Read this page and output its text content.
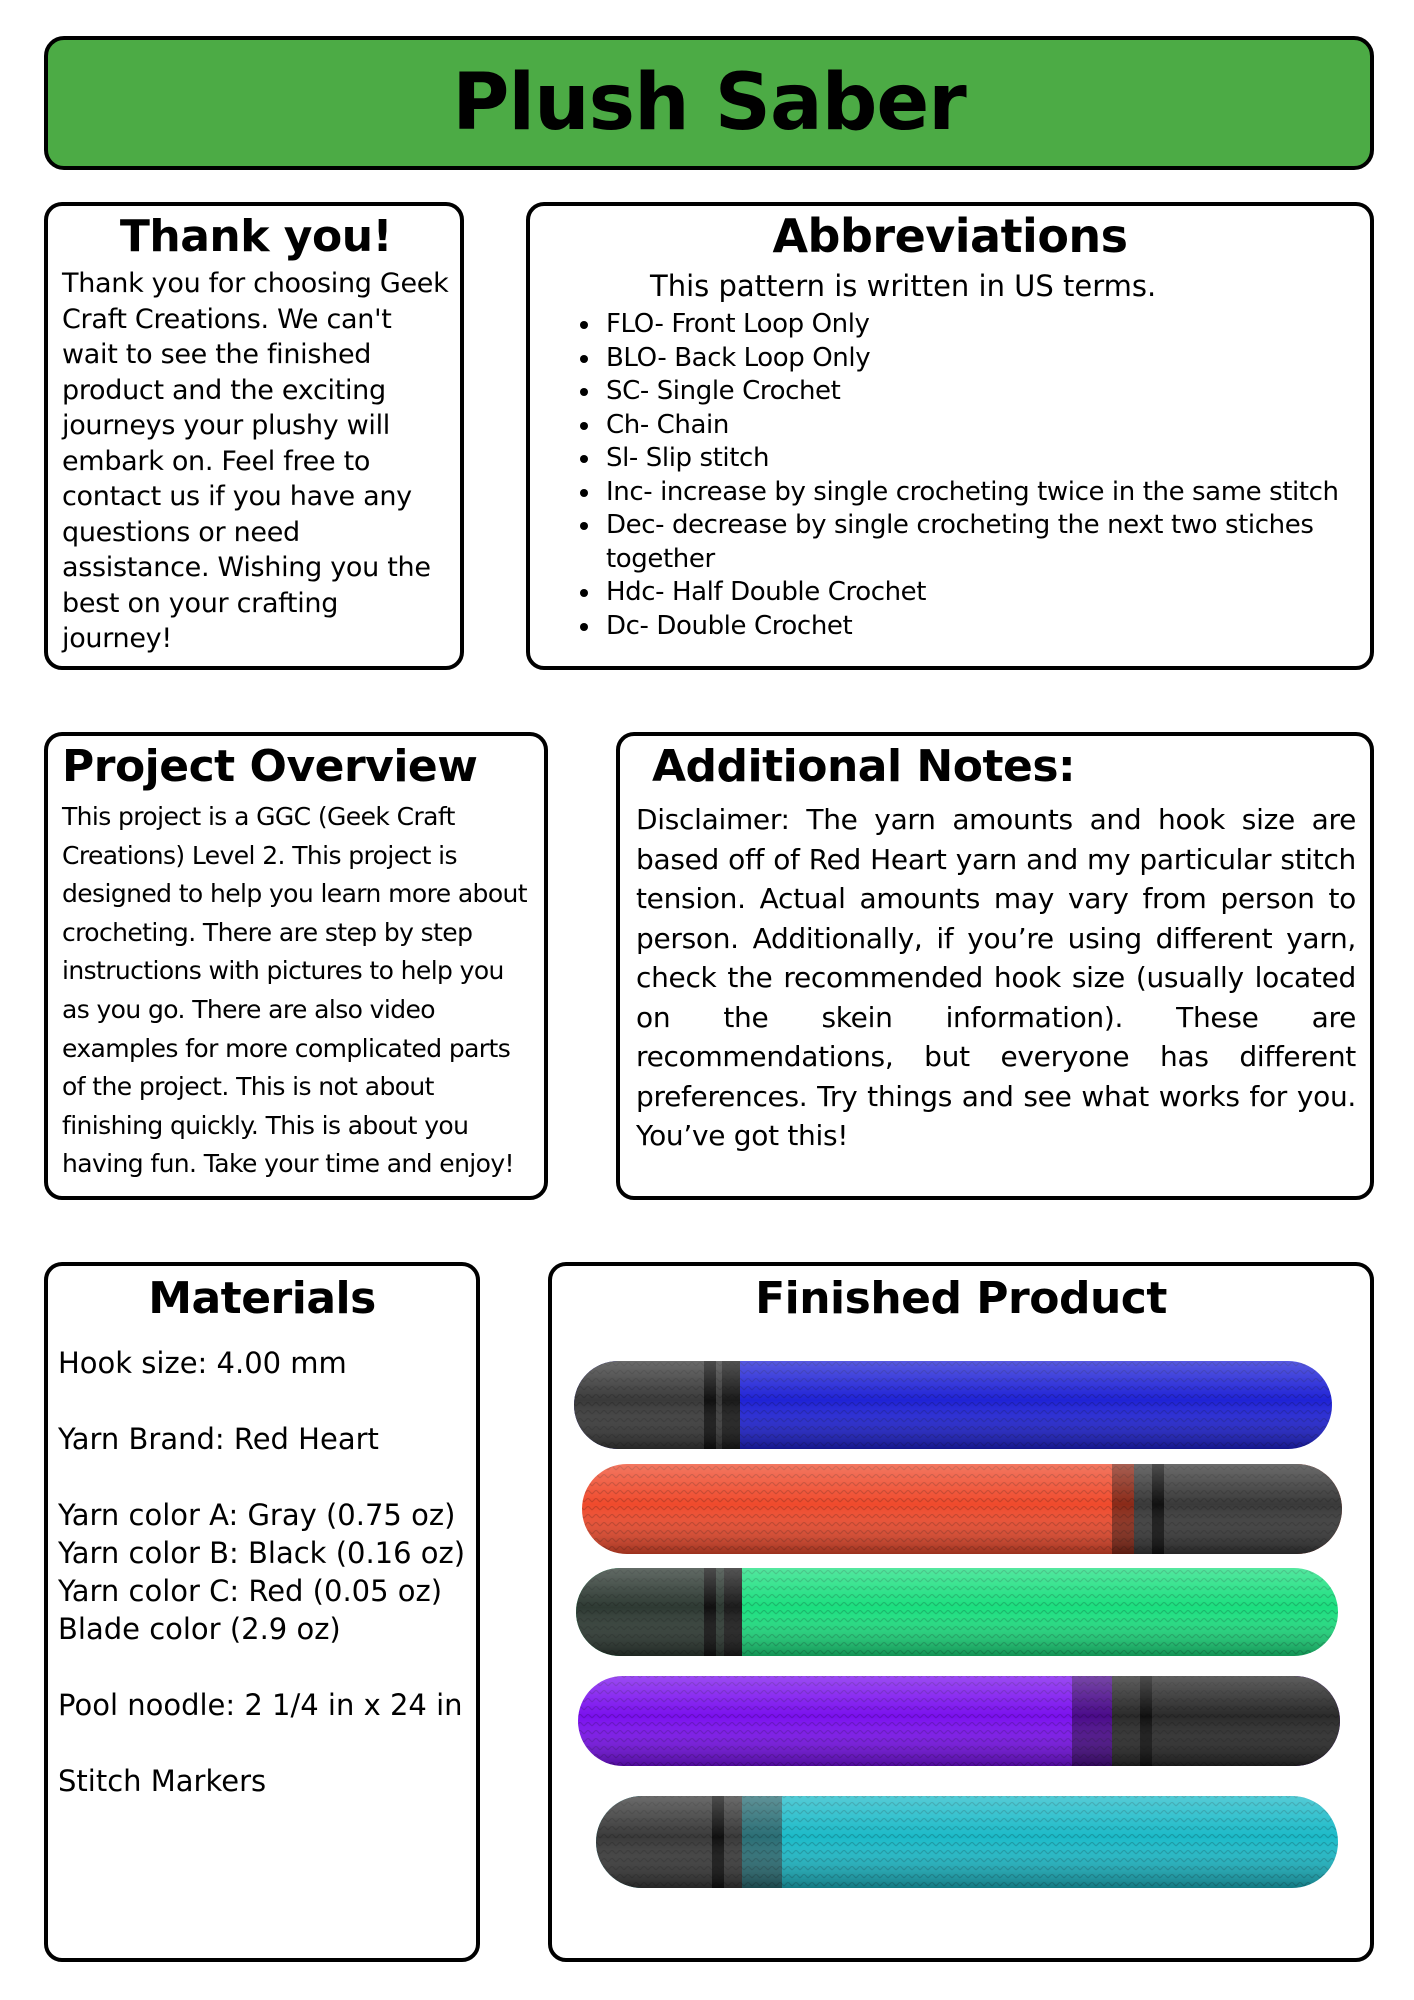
Plush Saber
Thank you!

Thank you for choosing Geek Craft Creations. We can't wait to see the finished product and the exciting journeys your plushy will embark on. Feel free to contact us if you have any questions or need assistance. Wishing you the best on your crafting journey!

Abbreviations
This pattern is written in US terms.
• FLO- Front Loop Only
• BLO- Back Loop Only
• SC- Single Crochet
• Ch- Chain
• Sl- Slip stitch
• Inc- increase by single crocheting twice in the same stitch
• Dec- decrease by single crocheting the next two stiches together
• Hdc- Half Double Crochet
• Dc- Double Crochet
Project Overview

This project is a GGC (Geek Craft Creations) Level 2. This project is designed to help you learn more about crocheting. There are step by step instructions with pictures to help you as you go. There are also video examples for more complicated parts of the project. This is not about finishing quickly. This is about you having fun. Take your time and enjoy!

Additional Notes:

Disclaimer: The yarn amounts and hook size are based off of Red Heart yarn and my particular stitch tension. Actual amounts may vary from person to person. Additionally, if you’re using different yarn, check the recommended hook size (usually located on the skein information). These are recommendations, but everyone has different preferences. Try things and see what works for you. You’ve got this!

Materials
Hook size: 4.00 mm
Yarn Brand: Red Heart
Yarn color A: Gray (0.75 oz)
Yarn color B: Black (0.16 oz)
Yarn color C: Red (0.05 oz)
Blade color (2.9 oz)
Pool noodle: 2 1/4 in x 24 in
Stitch Markers
Finished Product
